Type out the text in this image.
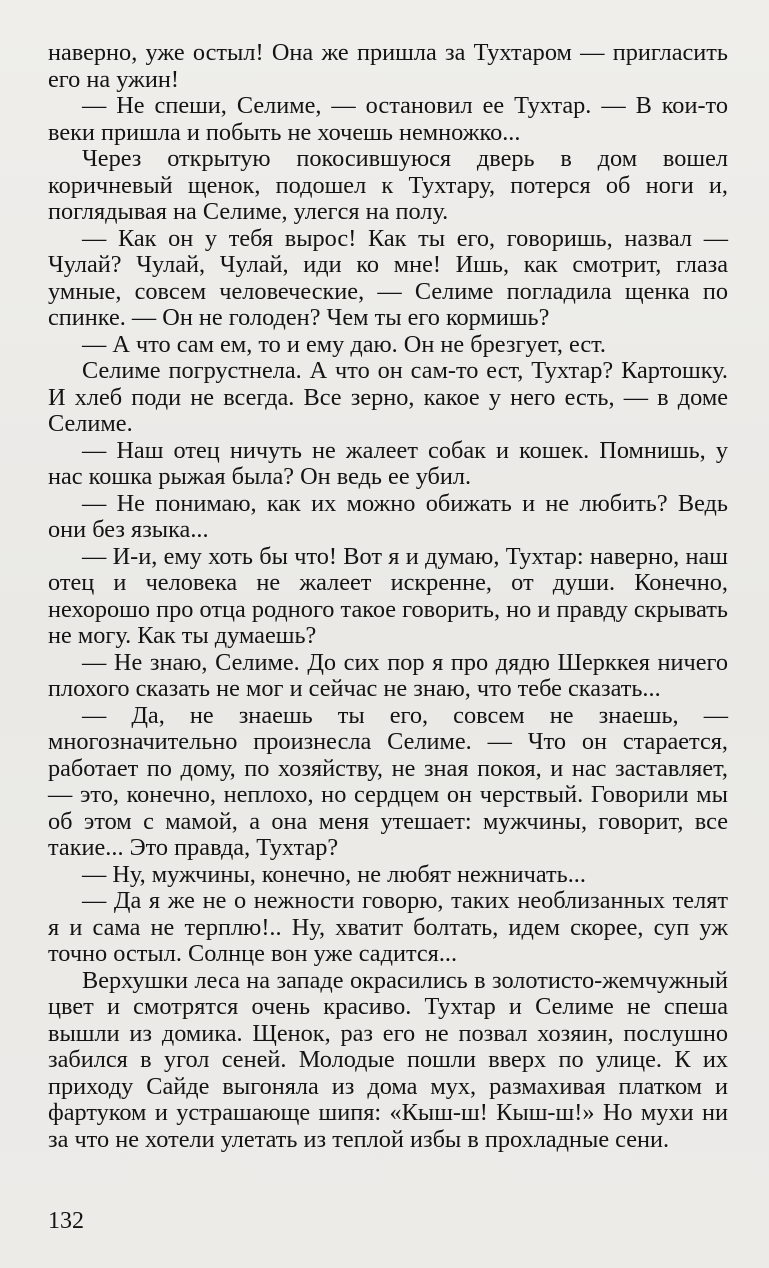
наверно, уже остыл! Она же пришла за Тухтаром — пригласить его на ужин!

— Не спеши, Селиме, — остановил ее Тухтар. — В кои-то веки пришла и побыть не хочешь немножко...

Через открытую покосившуюся дверь в дом вошел коричневый щенок, подошел к Тухтару, потерся об ноги и, поглядывая на Селиме, улегся на полу.

— Как он у тебя вырос! Как ты его, говоришь, назвал — Чулай? Чулай, Чулай, иди ко мне! Ишь, как смотрит, глаза умные, совсем человеческие, — Селиме погладила щенка по спинке. — Он не голоден? Чем ты его кормишь?

— А что сам ем, то и ему даю. Он не брезгует, ест.

Селиме погрустнела. А что он сам-то ест, Тухтар? Картошку. И хлеб поди не всегда. Все зерно, какое у него есть, — в доме Селиме.

— Наш отец ничуть не жалеет собак и кошек. Помнишь, у нас кошка рыжая была? Он ведь ее убил.

— Не понимаю, как их можно обижать и не любить? Ведь они без языка...

— И-и, ему хоть бы что! Вот я и думаю, Тухтар: наверно, наш отец и человека не жалеет искренне, от души. Конечно, нехорошо про отца родного такое говорить, но и правду скрывать не могу. Как ты думаешь?

— Не знаю, Селиме. До сих пор я про дядю Шерккея ничего плохого сказать не мог и сейчас не знаю, что тебе сказать...

— Да, не знаешь ты его, совсем не знаешь, — многозначительно произнесла Селиме. — Что он старается, работает по дому, по хозяйству, не зная покоя, и нас заставляет, — это, конечно, неплохо, но сердцем он черствый. Говорили мы об этом с мамой, а она меня утешает: мужчины, говорит, все такие... Это правда, Тухтар?

— Ну, мужчины, конечно, не любят нежничать...

— Да я же не о нежности говорю, таких необлизанных телят я и сама не терплю!.. Ну, хватит болтать, идем скорее, суп уж точно остыл. Солнце вон уже садится...

Верхушки леса на западе окрасились в золотисто-жемчужный цвет и смотрятся очень красиво. Тухтар и Селиме не спеша вышли из домика. Щенок, раз его не позвал хозяин, послушно забился в угол сеней. Молодые пошли вверх по улице. К их приходу Сайде выгоняла из дома мух, размахивая платком и фартуком и устрашающе шипя: «Кыш-ш! Кыш-ш!» Но мухи ни за что не хотели улетать из теплой избы в прохладные сени.

132
